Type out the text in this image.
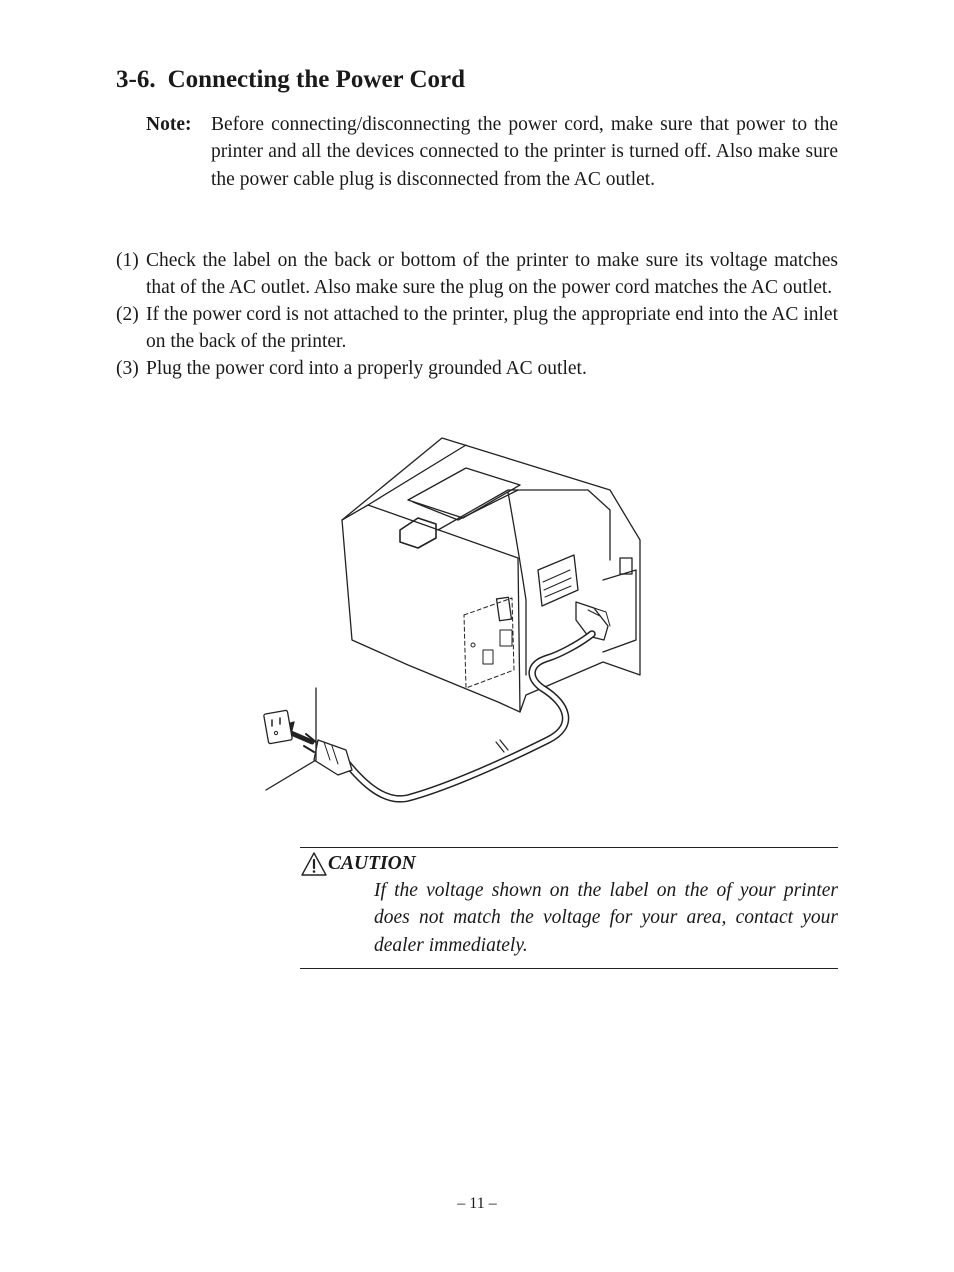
3-6. Connecting the Power Cord
Note:	Before connecting/disconnecting the power cord, make sure that power to the printer and all the devices connected to the printer is turned off. Also make sure the power cable plug is disconnected from the AC outlet.
(1) Check the label on the back or bottom of the printer to make sure its voltage matches that of the AC outlet. Also make sure the plug on the power cord matches the AC outlet.
(2) If the power cord is not attached to the printer, plug the appropriate end into the AC inlet on the back of the printer.
(3) Plug the power cord into a properly grounded AC outlet.
CAUTION
If the voltage shown on the label on the of your printer does not match the voltage for your area, contact your dealer immediately.
– 11 –
